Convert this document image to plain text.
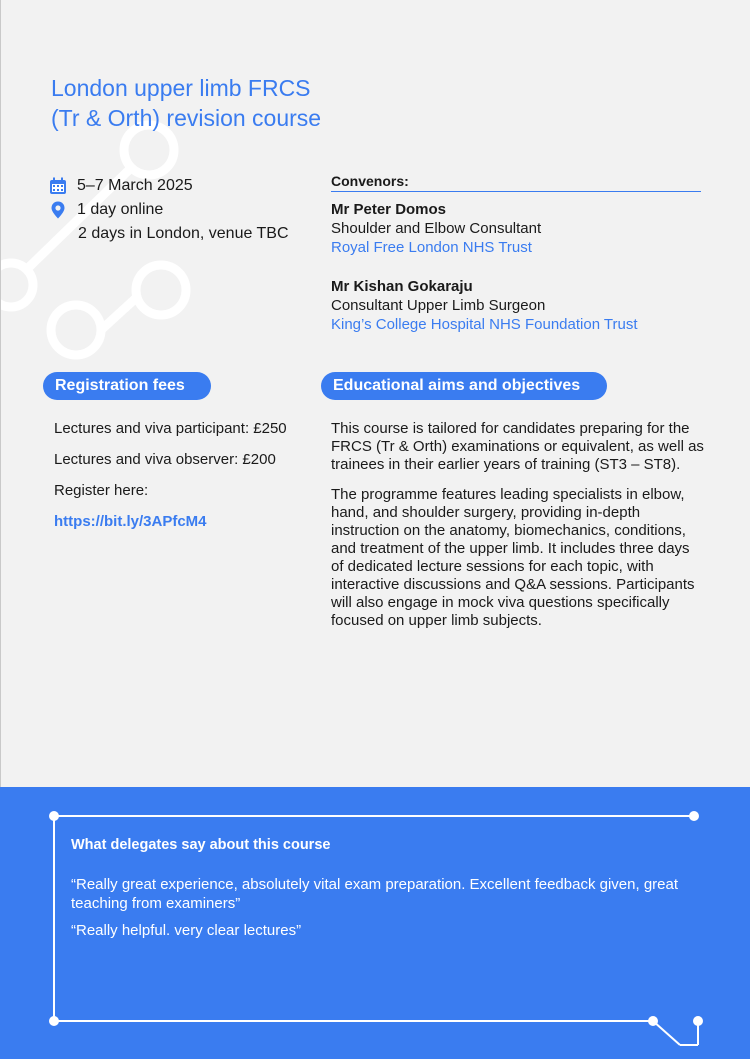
London upper limb FRCS
(Tr & Orth) revision course
5–7 March 2025
1 day online
2 days in London, venue TBC
Convenors:
Mr Peter Domos
Shoulder and Elbow Consultant
Royal Free London NHS Trust
Mr Kishan Gokaraju
Consultant Upper Limb Surgeon
King’s College Hospital NHS Foundation Trust
Registration fees	Educational aims and objectives
Lectures and viva participant: £250
Lectures and viva observer: £200
Register here:
https://bit.ly/3APfcM4

This course is tailored for candidates preparing for the FRCS (Tr & Orth) examinations or equivalent, as well as trainees in their earlier years of training (ST3 – ST8).

The programme features leading specialists in elbow, hand, and shoulder surgery, providing in-depth instruction on the anatomy, biomechanics, conditions, and treatment of the upper limb. It includes three days of dedicated lecture sessions for each topic, with interactive discussions and Q&A sessions. Participants will also engage in mock viva questions specifically focused on upper limb subjects.

What delegates say about this course
“Really great experience, absolutely vital exam preparation. Excellent feedback given, great teaching from examiners”
“Really helpful. very clear lectures”
